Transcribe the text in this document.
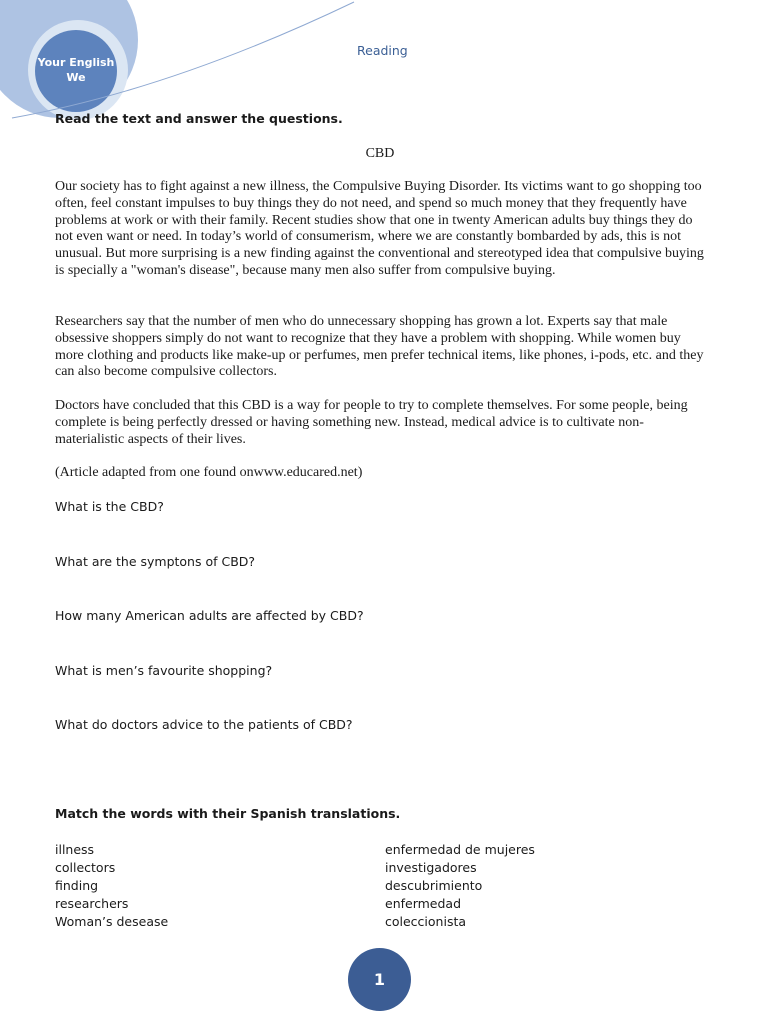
Your English We
Reading
Read the text and answer the questions.
CBD

Our society has to fight against a new illness, the Compulsive Buying Disorder. Its victims want to go shopping too often, feel constant impulses to buy things they do not need, and spend so much money that they frequently have problems at work or with their family. Recent studies show that one in twenty American adults buy things they do not even want or need. In today’s world of consumerism, where we are constantly bombarded by ads, this is not unusual. But more surprising is a new finding against the conventional and stereotyped idea that compulsive buying is specially a "woman's disease", because many men also suffer from compulsive buying.

Researchers say that the number of men who do unnecessary shopping has grown a lot. Experts say that male obsessive shoppers simply do not want to recognize that they have a problem with shopping. While women buy more clothing and products like make-up or perfumes, men prefer technical items, like phones, i-pods, etc. and they can also become compulsive collectors.

Doctors have concluded that this CBD is a way for people to try to complete themselves. For some people, being complete is being perfectly dressed or having something new. Instead, medical advice is to cultivate non-materialistic aspects of their lives.

(Article adapted from one found onwww.educared.net)

What is the CBD?
What are the symptons of CBD?
How many American adults are affected by CBD?
What is men’s favourite shopping?
What do doctors advice to the patients of CBD?
Match the words with their Spanish translations.
illness
collectors
finding
researchers
Woman’s desease
enfermedad de mujeres
investigadores
descubrimiento
enfermedad
coleccionista
1
